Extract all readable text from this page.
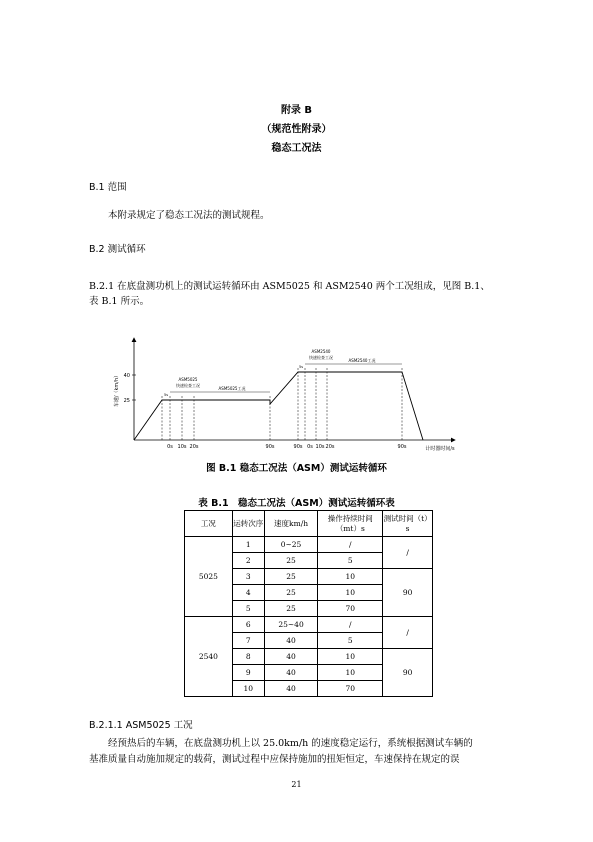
附录 B
（规范性附录）
稳态工况法
B.1 范围
本附录规定了稳态工况法的测试规程。
B.2 测试循环
B.2.1 在底盘测功机上的测试运转循环由 ASM5025 和 ASM2540 两个工况组成，见图 B.1、
表 B.1 所示。
车速/（km/h）
计时器时间/s
40
25
ASM5025
快速检查工况
5s
ASM5025工况
ASM2540
快速检查工况
5s
ASM2540工况
0s 10s 20s	90s	90s 0s 10s 20s	90s
图 B.1 稳态工况法（ASM）测试运转循环
表 B.1　稳态工况法（ASM）测试运转循环表
工况	运转次序	速度km/h	操作持续时间（mt）s	测试时间（t）s
5025	1	0~25	/	/
	2	25	5	
	3	25	10	90
	4	25	10	
	5	25	70	
2540	6	25~40	/	/
	7	40	5	
	8	40	10	90
	9	40	10	
	10	40	70	
B.2.1.1 ASM5025 工况
经预热后的车辆，在底盘测功机上以 25.0km/h 的速度稳定运行，系统根据测试车辆的
基准质量自动施加规定的载荷，测试过程中应保持施加的扭矩恒定，车速保持在规定的误
21
